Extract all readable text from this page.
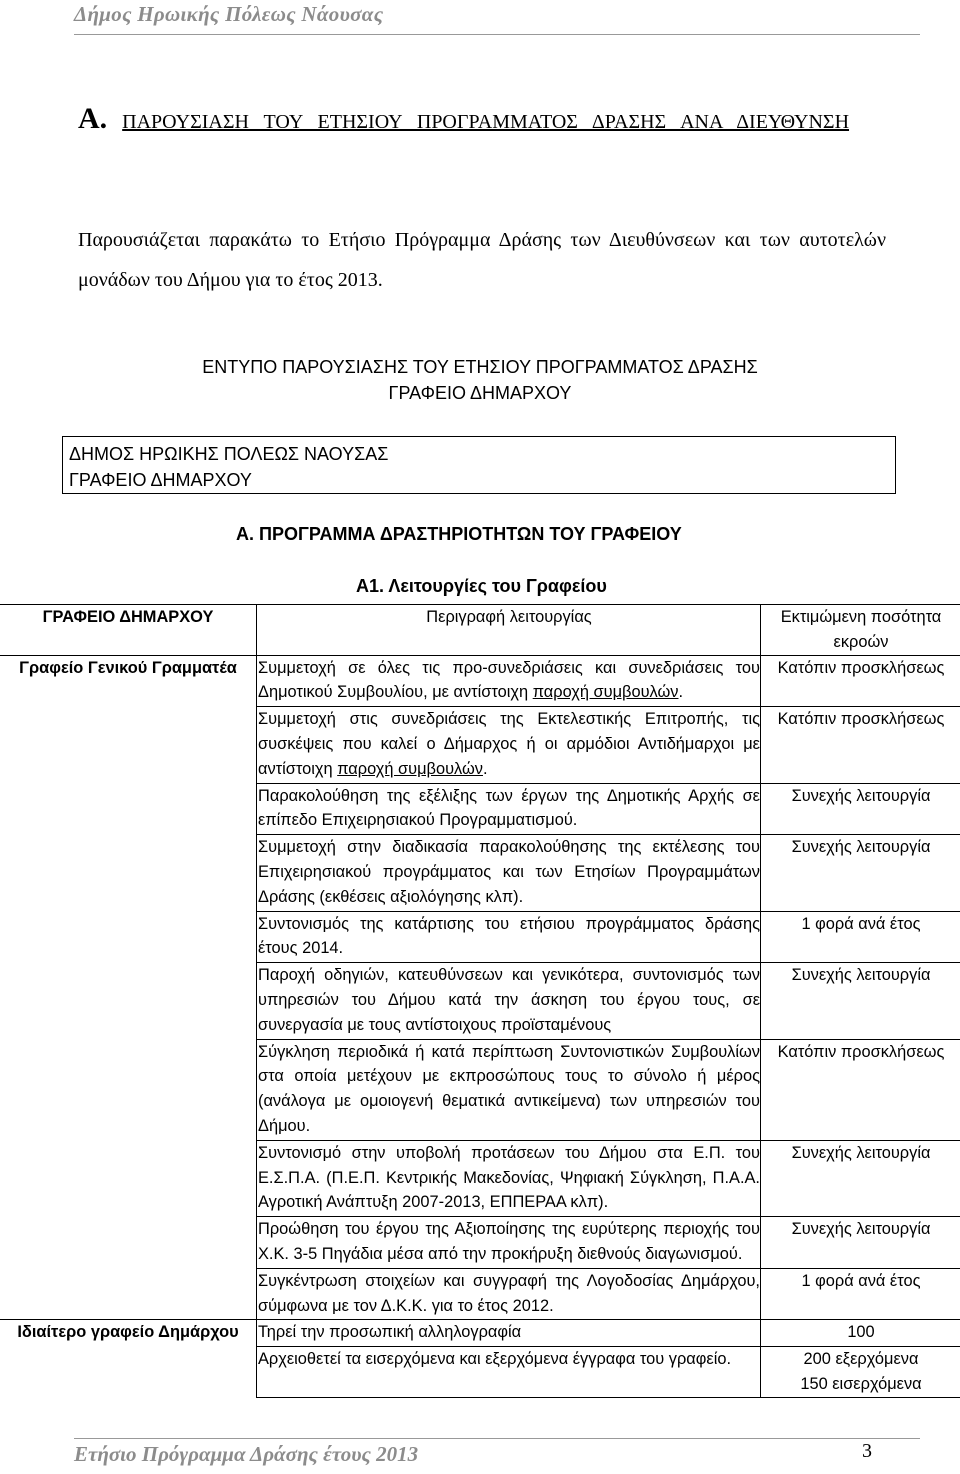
Δήμος Ηρωικής Πόλεως Νάουσας
Α. ΠΑΡΟΥΣΙΑΣΗ ΤΟΥ ΕΤΗΣΙΟΥ ΠΡΟΓΡΑΜΜΑΤΟΣ ΔΡΑΣΗΣ ΑΝΑ ΔΙΕΥΘΥΝΣΗ
Παρουσιάζεται παρακάτω το Ετήσιο Πρόγραμμα Δράσης των Διευθύνσεων και των αυτοτελών μονάδων του Δήμου για το έτος 2013.
ΕΝΤΥΠΟ ΠΑΡΟΥΣΙΑΣΗΣ ΤΟΥ ΕΤΗΣΙΟΥ ΠΡΟΓΡΑΜΜΑΤΟΣ ΔΡΑΣΗΣ
ΓΡΑΦΕΙΟ ΔΗΜΑΡΧΟΥ
ΔΗΜΟΣ ΗΡΩΙΚΗΣ ΠΟΛΕΩΣ ΝΑΟΥΣΑΣ
ΓΡΑΦΕΙΟ ΔΗΜΑΡΧΟΥ
Α. ΠΡΟΓΡΑΜΜΑ ΔΡΑΣΤΗΡΙΟΤΗΤΩΝ ΤΟΥ ΓΡΑΦΕΙΟΥ
Α1. Λειτουργίες του Γραφείου
ΓΡΑΦΕΙΟ ΔΗΜΑΡΧΟΥ	Περιγραφή λειτουργίας	Εκτιμώμενη ποσότητα εκροών
Γραφείο Γενικού Γραμματέα	Συμμετοχή σε όλες τις προ-συνεδριάσεις και συνεδριάσεις του Δημοτικού Συμβουλίου, με αντίστοιχη παροχή συμβουλών.	Κατόπιν προσκλήσεως
	Συμμετοχή στις συνεδριάσεις της Εκτελεστικής Επιτροπής, τις συσκέψεις που καλεί ο Δήμαρχος ή οι αρμόδιοι Αντιδήμαρχοι με αντίστοιχη παροχή συμβουλών.	Κατόπιν προσκλήσεως
	Παρακολούθηση της εξέλιξης των έργων της Δημοτικής Αρχής σε επίπεδο Επιχειρησιακού Προγραμματισμού.	Συνεχής λειτουργία
	Συμμετοχή στην διαδικασία παρακολούθησης της εκτέλεσης του Επιχειρησιακού προγράμματος και των Ετησίων Προγραμμάτων Δράσης (εκθέσεις αξιολόγησης κλπ).	Συνεχής λειτουργία
	Συντονισμός της κατάρτισης του ετήσιου προγράμματος δράσης έτους 2014.	1 φορά ανά έτος
	Παροχή οδηγιών, κατευθύνσεων και γενικότερα, συντονισμός των υπηρεσιών του Δήμου κατά την άσκηση του έργου τους, σε συνεργασία με τους αντίστοιχους προϊσταμένους	Συνεχής λειτουργία
	Σύγκληση περιοδικά ή κατά περίπτωση Συντονιστικών Συμβουλίων στα οποία μετέχουν με εκπροσώπους τους το σύνολο ή μέρος (ανάλογα με ομοιογενή θεματικά αντικείμενα) των υπηρεσιών του Δήμου.	Κατόπιν προσκλήσεως
	Συντονισμό στην υποβολή προτάσεων του Δήμου στα Ε.Π. του Ε.Σ.Π.Α. (Π.Ε.Π. Κεντρικής Μακεδονίας, Ψηφιακή Σύγκληση, Π.Α.Α. Αγροτική Ανάπτυξη 2007-2013, ΕΠΠΕΡΑΑ κλπ).	Συνεχής λειτουργία
	Προώθηση του έργου της Αξιοποίησης της ευρύτερης περιοχής του Χ.Κ. 3-5 Πηγάδια μέσα από την προκήρυξη διεθνούς διαγωνισμού.	Συνεχής λειτουργία
	Συγκέντρωση στοιχείων και συγγραφή της Λογοδοσίας Δημάρχου, σύμφωνα με τον Δ.Κ.Κ. για το έτος 2012.	1 φορά ανά έτος
Ιδιαίτερο γραφείο Δημάρχου	Τηρεί την προσωπική αλληλογραφία	100
	Αρχειοθετεί τα εισερχόμενα και εξερχόμενα έγγραφα του γραφείο.	200 εξερχόμενα
150 εισερχόμενα
Ετήσιο Πρόγραμμα Δράσης έτους 2013	3
